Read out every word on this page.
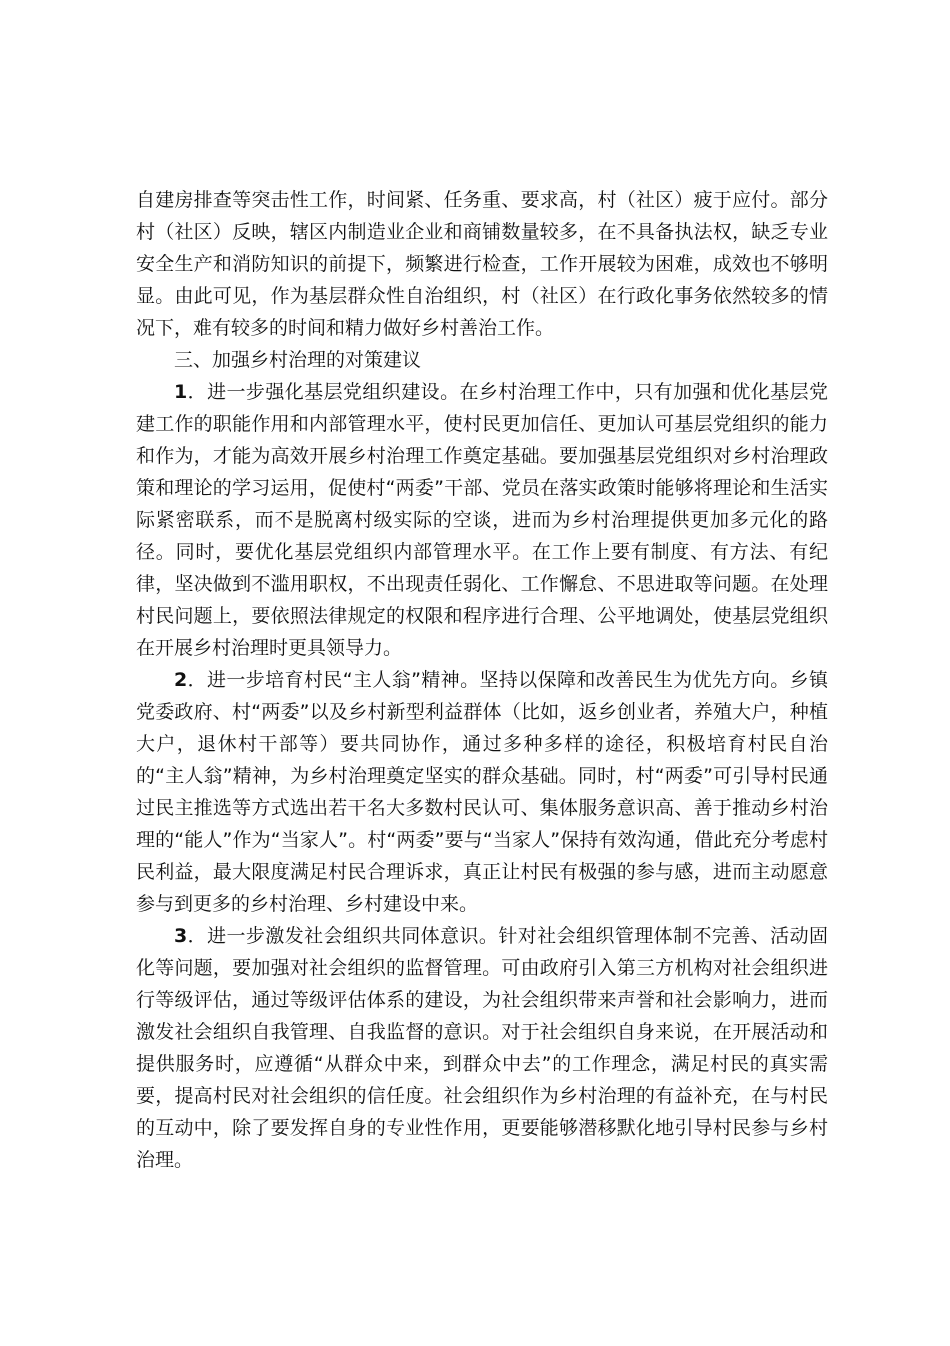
自建房排查等突击性工作，时间紧、任务重、要求高，村（社区）疲于应付。部分村（社区）反映，辖区内制造业企业和商铺数量较多，在不具备执法权，缺乏专业安全生产和消防知识的前提下，频繁进行检查，工作开展较为困难，成效也不够明显。由此可见，作为基层群众性自治组织，村（社区）在行政化事务依然较多的情况下，难有较多的时间和精力做好乡村善治工作。

三、加强乡村治理的对策建议

1．进一步强化基层党组织建设。在乡村治理工作中，只有加强和优化基层党建工作的职能作用和内部管理水平，使村民更加信任、更加认可基层党组织的能力和作为，才能为高效开展乡村治理工作奠定基础。要加强基层党组织对乡村治理政策和理论的学习运用，促使村“两委”干部、党员在落实政策时能够将理论和生活实际紧密联系，而不是脱离村级实际的空谈，进而为乡村治理提供更加多元化的路径。同时，要优化基层党组织内部管理水平。在工作上要有制度、有方法、有纪律，坚决做到不滥用职权，不出现责任弱化、工作懈怠、不思进取等问题。在处理村民问题上，要依照法律规定的权限和程序进行合理、公平地调处，使基层党组织在开展乡村治理时更具领导力。

2．进一步培育村民“主人翁”精神。坚持以保障和改善民生为优先方向。乡镇党委政府、村“两委”以及乡村新型利益群体（比如，返乡创业者，养殖大户，种植大户，退休村干部等）要共同协作，通过多种多样的途径，积极培育村民自治的“主人翁”精神，为乡村治理奠定坚实的群众基础。同时，村“两委”可引导村民通过民主推选等方式选出若干名大多数村民认可、集体服务意识高、善于推动乡村治理的“能人”作为“当家人”。村“两委”要与“当家人”保持有效沟通，借此充分考虑村民利益，最大限度满足村民合理诉求，真正让村民有极强的参与感，进而主动愿意参与到更多的乡村治理、乡村建设中来。

3．进一步激发社会组织共同体意识。针对社会组织管理体制不完善、活动固化等问题，要加强对社会组织的监督管理。可由政府引入第三方机构对社会组织进行等级评估，通过等级评估体系的建设，为社会组织带来声誉和社会影响力，进而激发社会组织自我管理、自我监督的意识。对于社会组织自身来说，在开展活动和提供服务时，应遵循“从群众中来，到群众中去”的工作理念，满足村民的真实需要，提高村民对社会组织的信任度。社会组织作为乡村治理的有益补充，在与村民的互动中，除了要发挥自身的专业性作用，更要能够潜移默化地引导村民参与乡村治理。
